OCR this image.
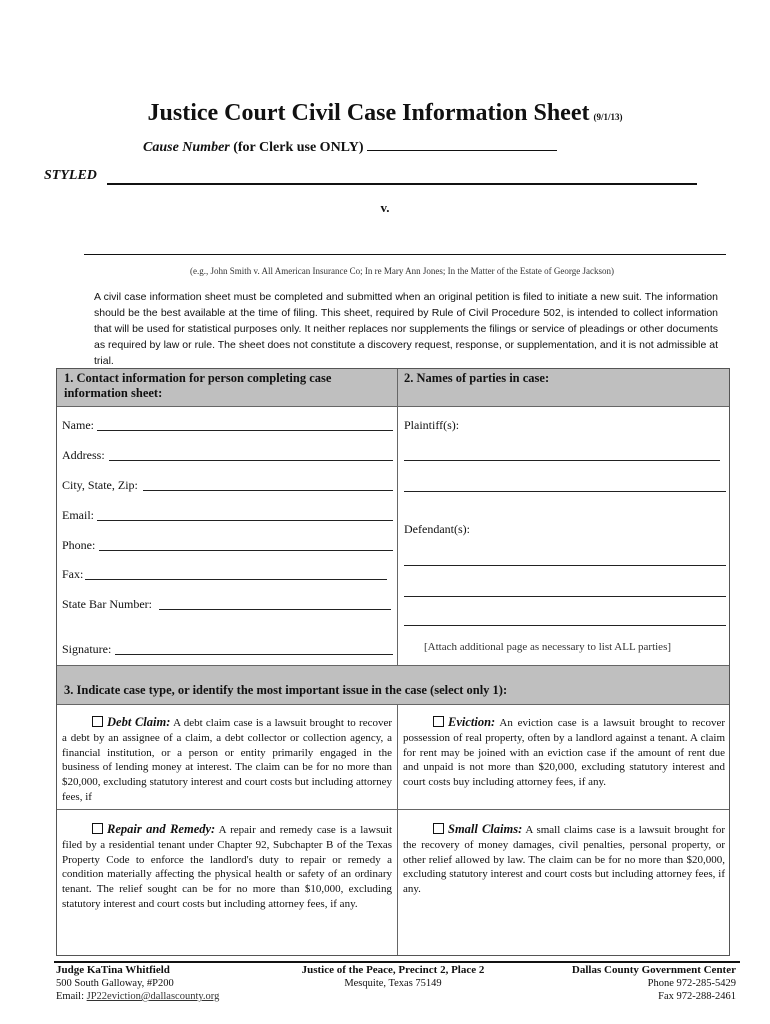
Justice Court Civil Case Information Sheet (9/1/13)
Cause Number (for Clerk use ONLY)
STYLED
v.
(e.g., John Smith v. All American Insurance Co; In re Mary Ann Jones; In the Matter of the Estate of George Jackson)
A civil case information sheet must be completed and submitted when an original petition is filed to initiate a new suit. The information should be the best available at the time of filing. This sheet, required by Rule of Civil Procedure 502, is intended to collect information that will be used for statistical purposes only. It neither replaces nor supplements the filings or service of pleadings or other documents as required by law or rule. The sheet does not constitute a discovery request, response, or supplementation, and it is not admissible at trial.
1. Contact information for person completing case information sheet:
2. Names of parties in case:
Name:
Address:
City, State, Zip:
Email:
Phone:
Fax:
State Bar Number:
Signature:
Plaintiff(s):
Defendant(s):
[Attach additional page as necessary to list ALL parties]
3. Indicate case type, or identify the most important issue in the case (select only 1):
Debt Claim: A debt claim case is a lawsuit brought to recover a debt by an assignee of a claim, a debt collector or collection agency, a financial institution, or a person or entity primarily engaged in the business of lending money at interest. The claim can be for no more than $20,000, excluding statutory interest and court costs but including attorney fees, if
Eviction: An eviction case is a lawsuit brought to recover possession of real property, often by a landlord against a tenant. A claim for rent may be joined with an eviction case if the amount of rent due and unpaid is not more than $20,000, excluding statutory interest and court costs buy including attorney fees, if any.
Repair and Remedy: A repair and remedy case is a lawsuit filed by a residential tenant under Chapter 92, Subchapter B of the Texas Property Code to enforce the landlord's duty to repair or remedy a condition materially affecting the physical health or safety of an ordinary tenant. The relief sought can be for no more than $10,000, excluding statutory interest and court costs but including attorney fees, if any.
Small Claims: A small claims case is a lawsuit brought for the recovery of money damages, civil penalties, personal property, or other relief allowed by law. The claim can be for no more than $20,000, excluding statutory interest and court costs but including attorney fees, if any.
Judge KaTina Whitfield
500 South Galloway, #P200
Email: JP22eviction@dallascounty.org
Justice of the Peace, Precinct 2, Place 2
Mesquite, Texas 75149
Dallas County Government Center
Phone 972-285-5429
Fax 972-288-2461
